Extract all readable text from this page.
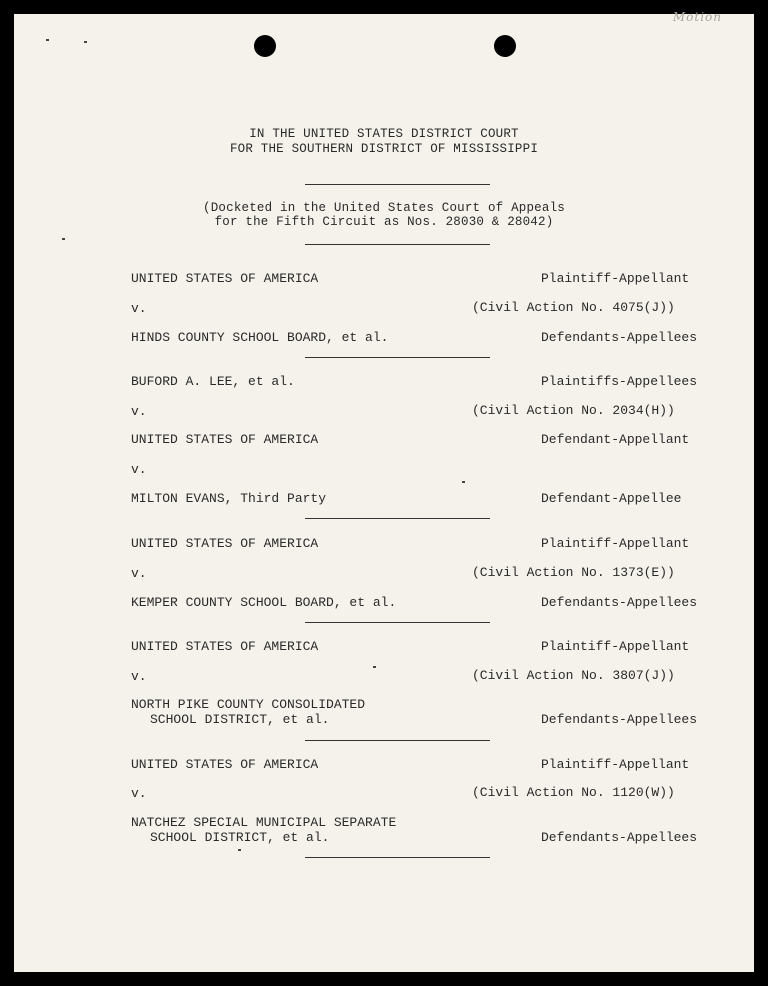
Motion
IN THE UNITED STATES DISTRICT COURT
FOR THE SOUTHERN DISTRICT OF MISSISSIPPI
(Docketed in the United States Court of Appeals
for the Fifth Circuit as Nos. 28030 & 28042)
UNITED STATES OF AMERICA	Plaintiff-Appellant
v.	(Civil Action No. 4075(J))
HINDS COUNTY SCHOOL BOARD, et al.	Defendants-Appellees
BUFORD A. LEE, et al.	Plaintiffs-Appellees
v.	(Civil Action No. 2034(H))
UNITED STATES OF AMERICA	Defendant-Appellant
v.
MILTON EVANS, Third Party	Defendant-Appellee
UNITED STATES OF AMERICA	Plaintiff-Appellant
v.	(Civil Action No. 1373(E))
KEMPER COUNTY SCHOOL BOARD, et al.	Defendants-Appellees
UNITED STATES OF AMERICA	Plaintiff-Appellant
v.	(Civil Action No. 3807(J))
NORTH PIKE COUNTY CONSOLIDATED
SCHOOL DISTRICT, et al.	Defendants-Appellees
UNITED STATES OF AMERICA	Plaintiff-Appellant
v.	(Civil Action No. 1120(W))
NATCHEZ SPECIAL MUNICIPAL SEPARATE
SCHOOL DISTRICT, et al.	Defendants-Appellees
